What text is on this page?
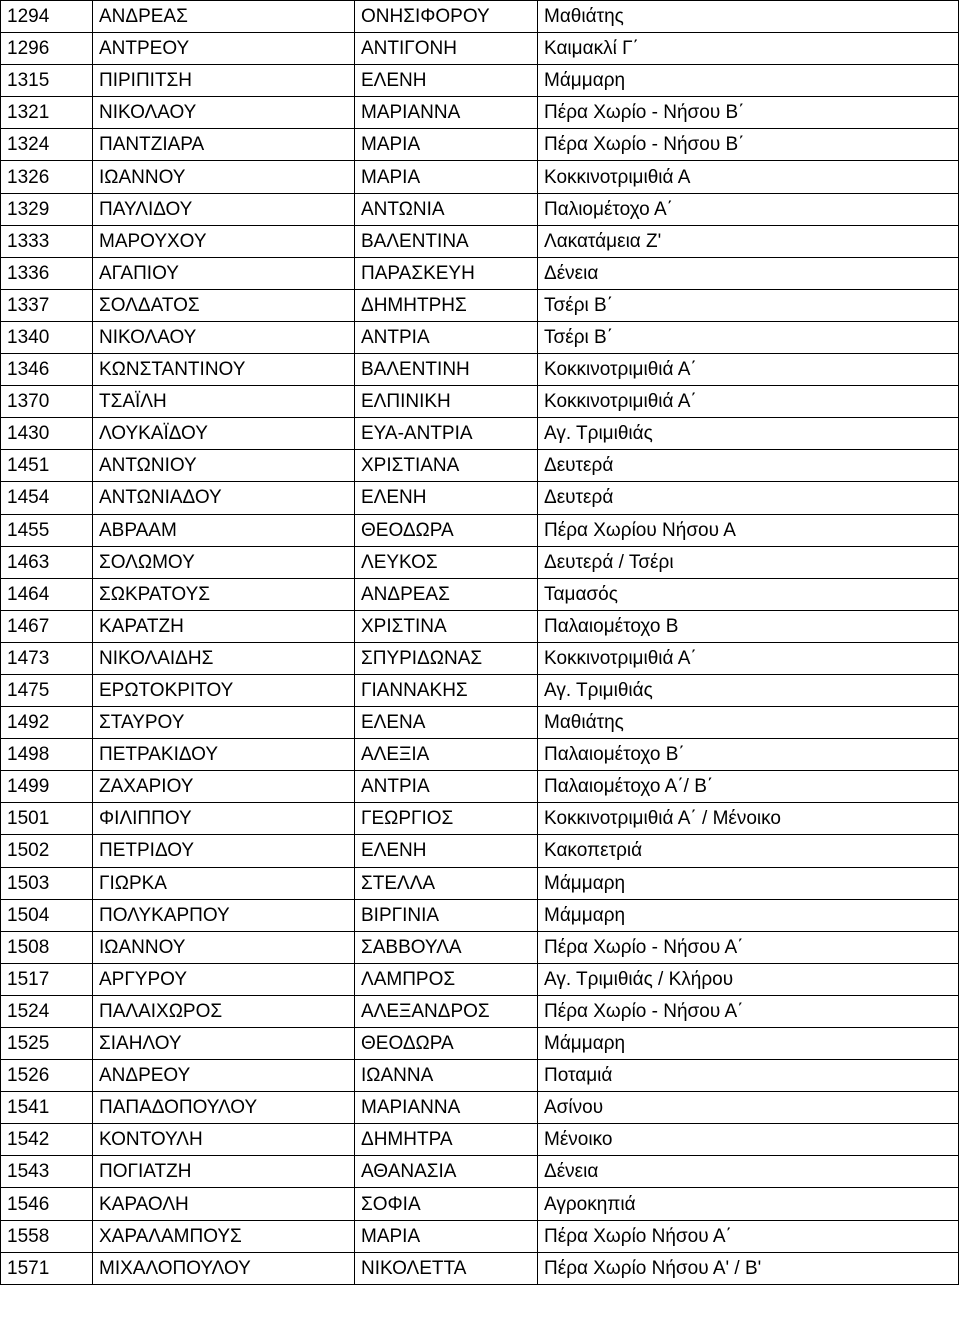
1294	ΑΝΔΡΕΑΣ	ΟΝΗΣΙΦΟΡΟΥ	Μαθιάτης
1296	ΑΝΤΡΕΟΥ	ΑΝΤΙΓΟΝΗ	Καιμακλί Γ΄
1315	ΠΙΡΙΠΙΤΣΗ	ΕΛΕΝΗ	Μάμμαρη
1321	ΝΙΚΟΛΑΟΥ	ΜΑΡΙΑΝΝΑ	Πέρα Χωρίο - Νήσου Β΄
1324	ΠΑΝΤΖΙΑΡΑ	ΜΑΡΙΑ	Πέρα Χωρίο - Νήσου Β΄
1326	ΙΩΑΝΝΟΥ	ΜΑΡΙΑ	Κοκκινοτριμιθιά Α
1329	ΠΑΥΛΙΔΟΥ	ΑΝΤΩΝΙΑ	Παλιομέτοχο Α΄
1333	ΜΑΡΟΥΧΟΥ	ΒΑΛΕΝΤΙΝΑ	Λακατάμεια Ζ'
1336	ΑΓΑΠΙΟΥ	ΠΑΡΑΣΚΕΥΗ	Δένεια
1337	ΣΟΛΔΑΤΟΣ	ΔΗΜΗΤΡΗΣ	Τσέρι Β΄
1340	ΝΙΚΟΛΑΟΥ	ΑΝΤΡΙΑ	Τσέρι Β΄
1346	ΚΩΝΣΤΑΝΤΙΝΟΥ	ΒΑΛΕΝΤΙΝΗ	Κοκκινοτριμιθιά Α΄
1370	ΤΣΑΪΛΗ	ΕΛΠΙΝΙΚΗ	Κοκκινοτριμιθιά Α΄
1430	ΛΟΥΚΑΪΔΟΥ	ΕΥΑ-ΑΝΤΡΙΑ	Αγ. Τριμιθιάς
1451	ΑΝΤΩΝΙΟΥ	ΧΡΙΣΤΙΑΝΑ	Δευτερά
1454	ΑΝΤΩΝΙΑΔΟΥ	ΕΛΕΝΗ	Δευτερά
1455	ΑΒΡΑΑΜ	ΘΕΟΔΩΡΑ	Πέρα Χωρίου Νήσου Α
1463	ΣΟΛΩΜΟΥ	ΛΕΥΚΟΣ	Δευτερά / Τσέρι
1464	ΣΩΚΡΑΤΟΥΣ	ΑΝΔΡΕΑΣ	Ταμασός
1467	ΚΑΡΑΤΖΗ	ΧΡΙΣΤΙΝΑ	Παλαιομέτοχο Β
1473	ΝΙΚΟΛΑΙΔΗΣ	ΣΠΥΡΙΔΩΝΑΣ	Κοκκινοτριμιθιά Α΄
1475	ΕΡΩΤΟΚΡΙΤΟΥ	ΓΙΑΝΝΑΚΗΣ	Αγ. Τριμιθιάς
1492	ΣΤΑΥΡΟΥ	ΕΛΕΝΑ	Μαθιάτης
1498	ΠΕΤΡΑΚΙΔΟΥ	ΑΛΕΞΙΑ	Παλαιομέτοχο Β΄
1499	ΖΑΧΑΡΙΟΥ	ΑΝΤΡΙΑ	Παλαιομέτοχο Α΄/ Β΄
1501	ΦΙΛΙΠΠΟΥ	ΓΕΩΡΓΙΟΣ	Κοκκινοτριμιθιά Α΄ / Μένοικο
1502	ΠΕΤΡΙΔΟΥ	ΕΛΕΝΗ	Κακοπετριά
1503	ΓΙΩΡΚΑ	ΣΤΕΛΛΑ	Μάμμαρη
1504	ΠΟΛΥΚΑΡΠΟΥ	ΒΙΡΓΙΝΙΑ	Μάμμαρη
1508	ΙΩΑΝΝΟΥ	ΣΑΒΒΟΥΛΑ	Πέρα Χωρίο - Νήσου Α΄
1517	ΑΡΓΥΡΟΥ	ΛΑΜΠΡΟΣ	Αγ. Τριμιθιάς / Κλήρου
1524	ΠΑΛΑΙΧΩΡΟΣ	ΑΛΕΞΑΝΔΡΟΣ	Πέρα Χωρίο - Νήσου Α΄
1525	ΣΙΑΗΛΟΥ	ΘΕΟΔΩΡΑ	Μάμμαρη
1526	ΑΝΔΡΕΟΥ	ΙΩΑΝΝΑ	Ποταμιά
1541	ΠΑΠΑΔΟΠΟΥΛΟΥ	ΜΑΡΙΑΝΝΑ	Ασίνου
1542	ΚΟΝΤΟΥΛΗ	ΔΗΜΗΤΡΑ	Μένοικο
1543	ΠΟΓΙΑΤΖΗ	ΑΘΑΝΑΣΙΑ	Δένεια
1546	ΚΑΡΑΟΛΗ	ΣΟΦΙΑ	Αγροκηπιά
1558	ΧΑΡΑΛΑΜΠΟΥΣ	ΜΑΡΙΑ	Πέρα Χωρίο Νήσου Α΄
1571	ΜΙΧΑΛΟΠΟΥΛΟΥ	ΝΙΚΟΛΕΤΤΑ	Πέρα Χωρίο Νήσου Α' / Β'
